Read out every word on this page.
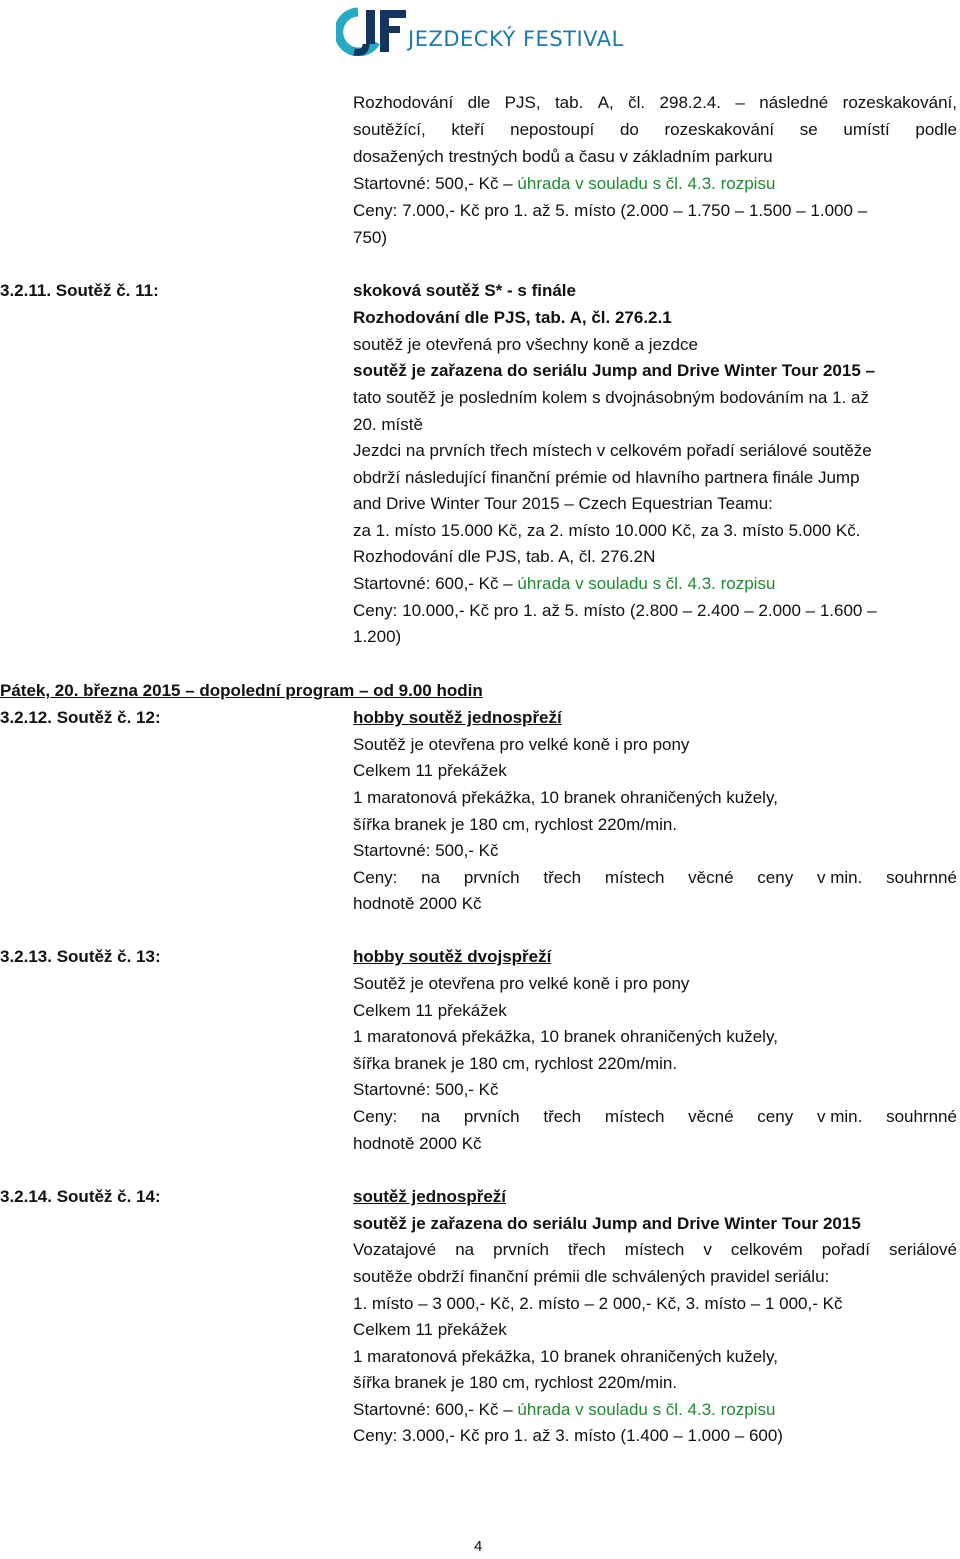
JEZDECKÝ FESTIVAL
Rozhodování dle PJS, tab. A, čl. 298.2.4. – následné rozeskakování,
soutěžící, kteří nepostoupí do rozeskakování se umístí podle
dosažených trestných bodů a času v základním parkuru
Startovné: 500,- Kč – úhrada v souladu s čl. 4.3. rozpisu
Ceny: 7.000,- Kč pro 1. až 5. místo (2.000 – 1.750 – 1.500 – 1.000 –
750)
3.2.11. Soutěž č. 11:	skoková soutěž S* - s finále
Rozhodování dle PJS, tab. A, čl. 276.2.1
soutěž je otevřená pro všechny koně a jezdce
soutěž je zařazena do seriálu Jump and Drive Winter Tour 2015 –
tato soutěž je posledním kolem s dvojnásobným bodováním na 1. až
20. místě
Jezdci na prvních třech místech v celkovém pořadí seriálové soutěže
obdrží následující finanční prémie od hlavního partnera finále Jump
and Drive Winter Tour 2015 – Czech Equestrian Teamu:
za 1. místo 15.000 Kč, za 2. místo 10.000 Kč, za 3. místo 5.000 Kč.
Rozhodování dle PJS, tab. A, čl. 276.2N
Startovné: 600,- Kč – úhrada v souladu s čl. 4.3. rozpisu
Ceny: 10.000,- Kč pro 1. až 5. místo (2.800 – 2.400 – 2.000 – 1.600 –
1.200)
Pátek, 20. března 2015 – dopolední program – od 9.00 hodin
3.2.12. Soutěž č. 12:	hobby soutěž jednospřeží
Soutěž je otevřena pro velké koně i pro pony
Celkem 11 překážek
1 maratonová překážka, 10 branek ohraničených kužely,
šířka branek je 180 cm, rychlost 220m/min.
Startovné: 500,- Kč
Ceny: na prvních třech místech věcné ceny v min. souhrnné
hodnotě 2000 Kč
3.2.13. Soutěž č. 13:	hobby soutěž dvojspřeží
Soutěž je otevřena pro velké koně i pro pony
Celkem 11 překážek
1 maratonová překážka, 10 branek ohraničených kužely,
šířka branek je 180 cm, rychlost 220m/min.
Startovné: 500,- Kč
Ceny: na prvních třech místech věcné ceny v min. souhrnné
hodnotě 2000 Kč
3.2.14. Soutěž č. 14:	soutěž jednospřeží
soutěž je zařazena do seriálu Jump and Drive Winter Tour 2015
Vozatajové na prvních třech místech v celkovém pořadí seriálové
soutěže obdrží finanční prémii dle schválených pravidel seriálu:
1. místo – 3 000,- Kč, 2. místo – 2 000,- Kč, 3. místo – 1 000,- Kč
Celkem 11 překážek
1 maratonová překážka, 10 branek ohraničených kužely,
šířka branek je 180 cm, rychlost 220m/min.
Startovné: 600,- Kč – úhrada v souladu s čl. 4.3. rozpisu
Ceny: 3.000,- Kč pro 1. až 3. místo (1.400 – 1.000 – 600)
4
